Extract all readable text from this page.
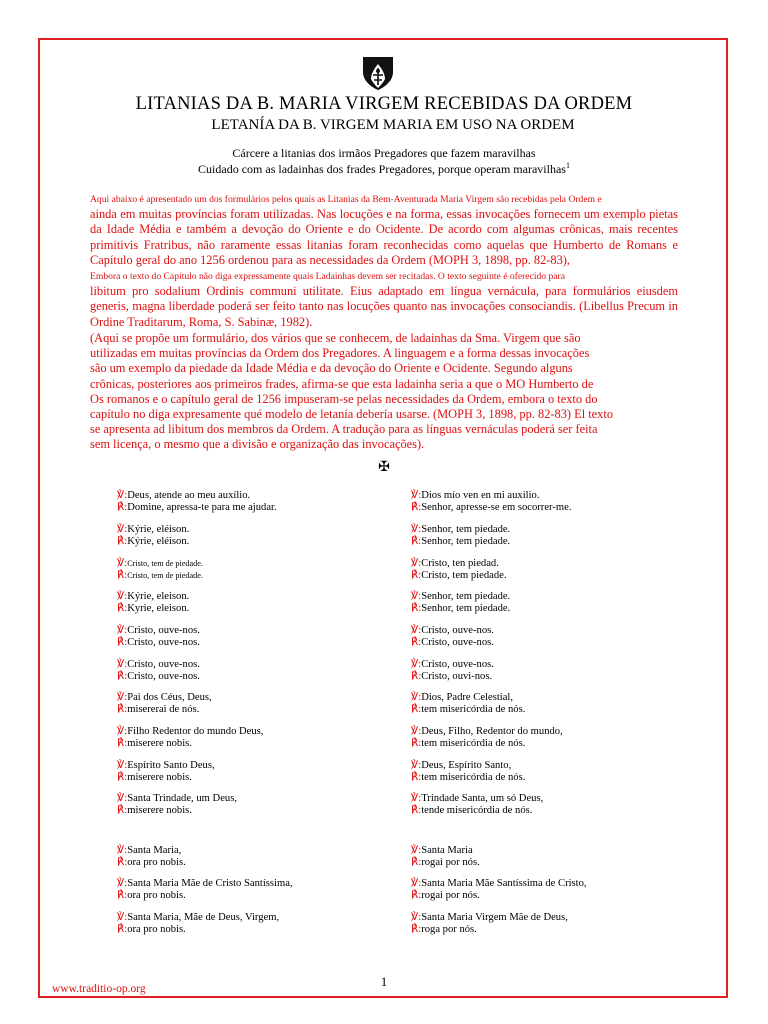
LITANIAS DA B. MARIA VIRGEM RECEBIDAS DA ORDEM
LETANÍA DA B. VIRGEM MARIA EM USO NA ORDEM
Cárcere a litanias dos irmãos Pregadores que fazem maravilhas
Cuidado com as ladainhas dos frades Pregadores, porque operam maravilhas$^1$
Aqui abaixo é apresentado um dos formulários pelos quais as Litanias da Bem-Aventurada Maria Virgem são recebidas pela Ordem e
ainda em muitas províncias foram utilizadas. Nas locuções e na forma, essas invocações fornecem um exemplo pietas da Idade Média e também a devoção do Oriente e do Ocidente. De acordo com algumas crônicas, mais recentes primitivis Fratribus, não raramente essas litanias foram reconhecidas como aquelas que Humberto de Romans e Capítulo geral do ano 1256 ordenou para as necessidades da Ordem (MOPH 3, 1898, pp. 82-83),
Embora o texto do Capítulo não diga expressamente quais Ladainhas devem ser recitadas. O texto seguinte é oferecido para
libitum pro sodalium Ordinis communi utilitate. Eius adaptado em língua vernácula, para formulários eiusdem generis, magna liberdade poderá ser feito tanto nas locuções quanto nas invocações consociandis. (Libellus Precum in Ordine Traditarum, Roma, S. Sabinæ, 1982).
(Aqui se propõe um formulário, dos vários que se conhecem, de ladainhas da Sma. Virgem que são
utilizadas em muitas províncias da Ordem dos Pregadores. A linguagem e a forma dessas invocações
são um exemplo da piedade da Idade Média e da devoção do Oriente e Ocidente. Segundo alguns
crônicas, posteriores aos primeiros frades, afirma-se que esta ladainha seria a que o MO Humberto de
Os romanos e o capítulo geral de 1256 impuseram-se pelas necessidades da Ordem, embora o texto do
capítulo no diga expresamente qué modelo de letanía debería usarse. (MOPH 3, 1898, pp. 82-83) El texto
se apresenta ad libitum dos membros da Ordem. A tradução para as línguas vernáculas poderá ser feita
sem licença, o mesmo que a divisão e organização das invocações).
✠
℣:Deus, atende ao meu auxílio.
℟:Domine, apressa-te para me ajudar.
℣:Kýrie, eléison.
℟:Kýrie, eléison.
℣:Cristo, tem de piedade.
℟:Cristo, tem de piedade.
℣:Kýrie, eleison.
℟:Kyrie, eleison.
℣:Cristo, ouve-nos.
℟:Cristo, ouve-nos.
℣:Cristo, ouve-nos.
℟:Cristo, ouve-nos.
℣:Pai dos Céus, Deus,
℟:misererai de nós.
℣:Filho Redentor do mundo Deus,
℟:miserere nobis.
℣:Espírito Santo Deus,
℟:miserere nobis.
℣:Santa Trindade, um Deus,
℟:miserere nobis.
℣:Santa Maria,
℟:ora pro nobis.
℣:Santa Maria Mãe de Cristo Santíssima,
℟:ora pro nobis.
℣:Santa Maria, Mãe de Deus, Virgem,
℟:ora pro nobis.
℣:Dios mío ven en mi auxilio.
℟:Senhor, apresse-se em socorrer-me.
℣:Senhor, tem piedade.
℟:Senhor, tem piedade.
℣:Cristo, ten piedad.
℟:Cristo, tem piedade.
℣:Senhor, tem piedade.
℟:Senhor, tem piedade.
℣:Cristo, ouve-nos.
℟:Cristo, ouve-nos.
℣:Cristo, ouve-nos.
℟:Cristo, ouvi-nos.
℣:Dios, Padre Celestial,
℟:tem misericórdia de nós.
℣:Deus, Filho, Redentor do mundo,
℟:tem misericórdia de nós.
℣:Deus, Espírito Santo,
℟:tem misericórdia de nós.
℣:Trindade Santa, um só Deus,
℟:tende misericórdia de nós.
℣:Santa Maria
℟:rogai por nós.
℣:Santa Maria Mãe Santíssima de Cristo,
℟:rogai por nós.
℣:Santa Maria Virgem Mãe de Deus,
℟:roga por nós.
1
www.traditio-op.org
